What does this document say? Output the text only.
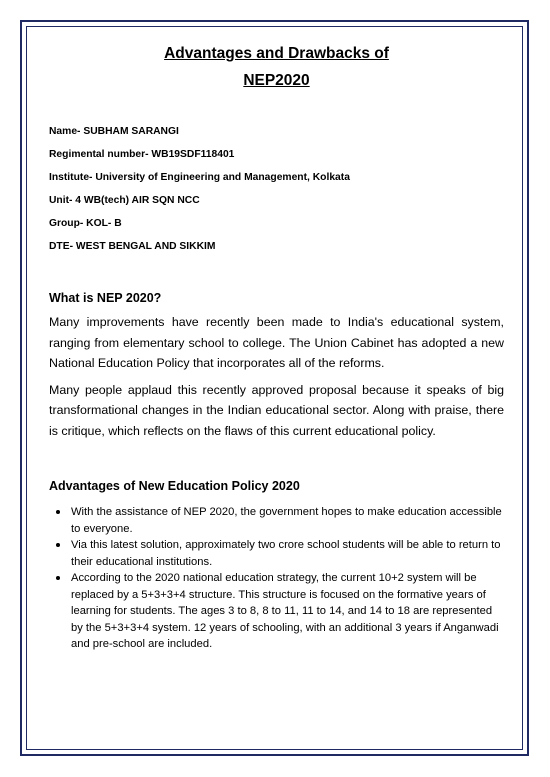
Advantages and Drawbacks of
NEP2020
Name- SUBHAM SARANGI
Regimental number- WB19SDF118401
Institute- University of Engineering and Management, Kolkata
Unit- 4 WB(tech) AIR SQN NCC
Group- KOL- B
DTE- WEST BENGAL AND SIKKIM
What is NEP 2020?

Many improvements have recently been made to India's educational system, ranging from elementary school to college. The Union Cabinet has adopted a new National Education Policy that incorporates all of the reforms.

Many people applaud this recently approved proposal because it speaks of big transformational changes in the Indian educational sector. Along with praise, there is critique, which reflects on the flaws of this current educational policy.

Advantages of New Education Policy 2020
With the assistance of NEP 2020, the government hopes to make education accessible to everyone.
Via this latest solution, approximately two crore school students will be able to return to their educational institutions.
According to the 2020 national education strategy, the current 10+2 system will be replaced by a 5+3+3+4 structure. This structure is focused on the formative years of learning for students. The ages 3 to 8, 8 to 11, 11 to 14, and 14 to 18 are represented by the 5+3+3+4 system. 12 years of schooling, with an additional 3 years if Anganwadi and pre-school are included.
